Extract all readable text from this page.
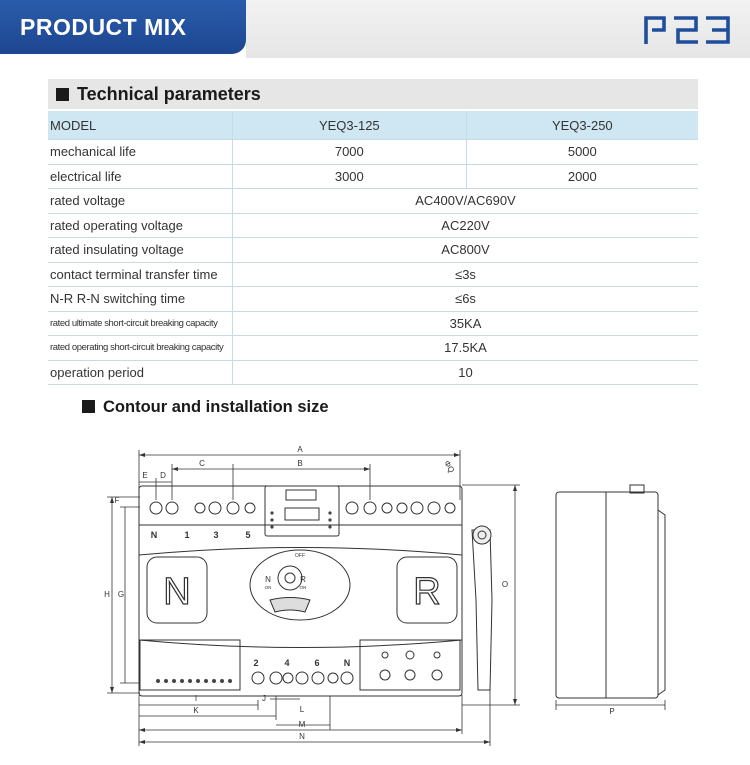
PRODUCT MIX
Technical parameters
MODEL	YEQ3-125	YEQ3-250
mechanical life	7000	5000
electrical life	3000	2000
rated voltage	AC400V/AC690V	
rated operating voltage	AC220V	
rated insulating voltage	AC800V	
contact terminal transfer time	≤3s	
N-R R-N switching time	≤6s	
rated ultimate short-circuit breaking capacity	35KA	
rated operating short-circuit breaking capacity	17.5KA	
operation period	10	
Contour and installation size
N	R
OFF
N	R
ON	ON
N	1	3	5
2	4	6	N
A
B
C
D
E
F
G
H
I	J
K	L
M
N
O
P
ΦQ
